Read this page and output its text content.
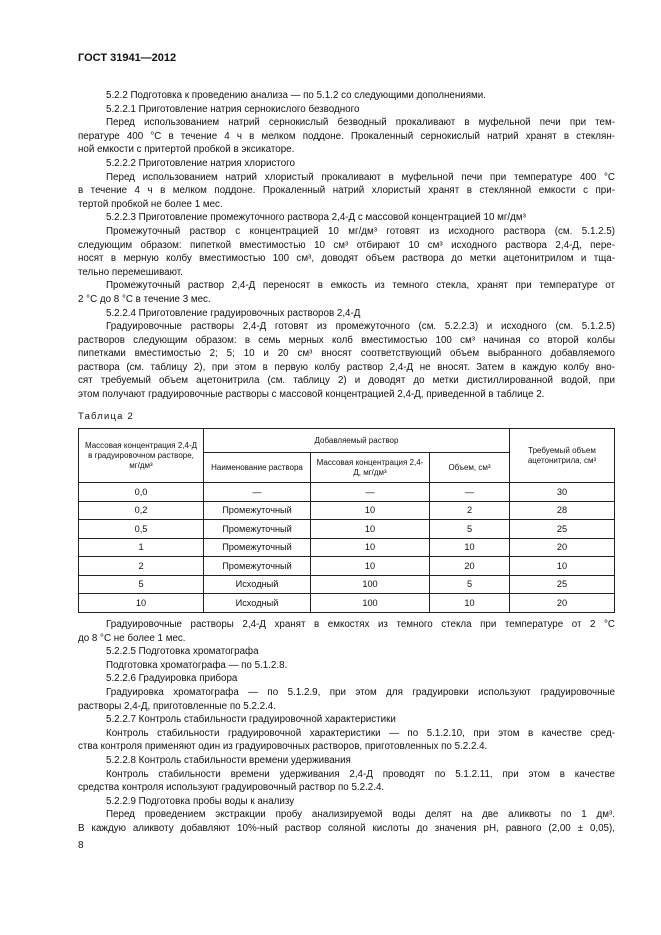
ГОСТ 31941—2012
5.2.2 Подготовка к проведению анализа — по 5.1.2 со следующими дополнениями.
5.2.2.1 Приготовление натрия сернокислого безводного
Перед использованием натрий сернокислый безводный прокаливают в муфельной печи при тем-
пературе 400 °C в течение 4 ч в мелком поддоне. Прокаленный сернокислый натрий хранят в стеклян-
ной емкости с притертой пробкой в эксикаторе.
5.2.2.2 Приготовление натрия хлористого
Перед использованием натрий хлористый прокаливают в муфельной печи при температуре 400 °C
в течение 4 ч в мелком поддоне. Прокаленный натрий хлористый хранят в стеклянной емкости с при-
тертой пробкой не более 1 мес.
5.2.2.3 Приготовление промежуточного раствора 2,4-Д с массовой концентрацией 10 мг/дм³
Промежуточный раствор с концентрацией 10 мг/дм³ готовят из исходного раствора (см. 5.1.2.5)
следующим образом: пипеткой вместимостью 10 см³ отбирают 10 см³ исходного раствора 2,4-Д, пере-
носят в мерную колбу вместимостью 100 см³, доводят объем раствора до метки ацетонитрилом и тща-
тельно перемешивают.
Промежуточный раствор 2,4-Д переносят в емкость из темного стекла, хранят при температуре от
2 °C до 8 °C в течение 3 мес.
5.2.2.4 Приготовление градуировочных растворов 2,4-Д
Градуировочные растворы 2,4-Д готовят из промежуточного (см. 5.2.2.3) и исходного (см. 5.1.2.5)
растворов следующим образом: в семь мерных колб вместимостью 100 см³ начиная со второй колбы
пипетками вместимостью 2; 5; 10 и 20 см³ вносят соответствующий объем выбранного добавляемого
раствора (см. таблицу 2), при этом в первую колбу раствор 2,4-Д не вносят. Затем в каждую колбу вно-
сят требуемый объем ацетонитрила (см. таблицу 2) и доводят до метки дистиллированной водой, при
этом получают градуировочные растворы с массовой концентрацией 2,4-Д, приведенной в таблице 2.
Таблица 2
Массовая концентрация 2,4-Д в градуировочном растворе, мг/дм³	Добавляемый раствор			Требуемый объем ацетонитрила, см³
	Наименование раствора	Массовая концентрация 2,4-Д, мг/дм³	Объем, см³	
0,0	—	—	—	30
0,2	Промежуточный	10	2	28
0,5	Промежуточный	10	5	25
1	Промежуточный	10	10	20
2	Промежуточный	10	20	10
5	Исходный	100	5	25
10	Исходный	100	10	20
Градуировочные растворы 2,4-Д хранят в емкостях из темного стекла при температуре от 2 °C
до 8 °C не более 1 мес.
5.2.2.5 Подготовка хроматографа
Подготовка хроматографа — по 5.1.2.8.
5.2.2.6 Градуировка прибора
Градуировка хроматографа — по 5.1.2.9, при этом для градуировки используют градуировочные
растворы 2,4-Д, приготовленные по 5.2.2.4.
5.2.2.7 Контроль стабильности градуировочной характеристики
Контроль стабильности градуировочной характеристики — по 5.1.2.10, при этом в качестве сред-
ства контроля применяют один из градуировочных растворов, приготовленных по 5.2.2.4.
5.2.2.8 Контроль стабильности времени удерживания
Контроль стабильности времени удерживания 2,4-Д проводят по 5.1.2.11, при этом в качестве
средства контроля используют градуировочный раствор по 5.2.2.4.
5.2.2.9 Подготовка пробы воды к анализу
Перед проведением экстракции пробу анализируемой воды делят на две аликвоты по 1 дм³.
В каждую аликвоту добавляют 10%-ный раствор соляной кислоты до значения pH, равного (2,00 ± 0,05),
8
